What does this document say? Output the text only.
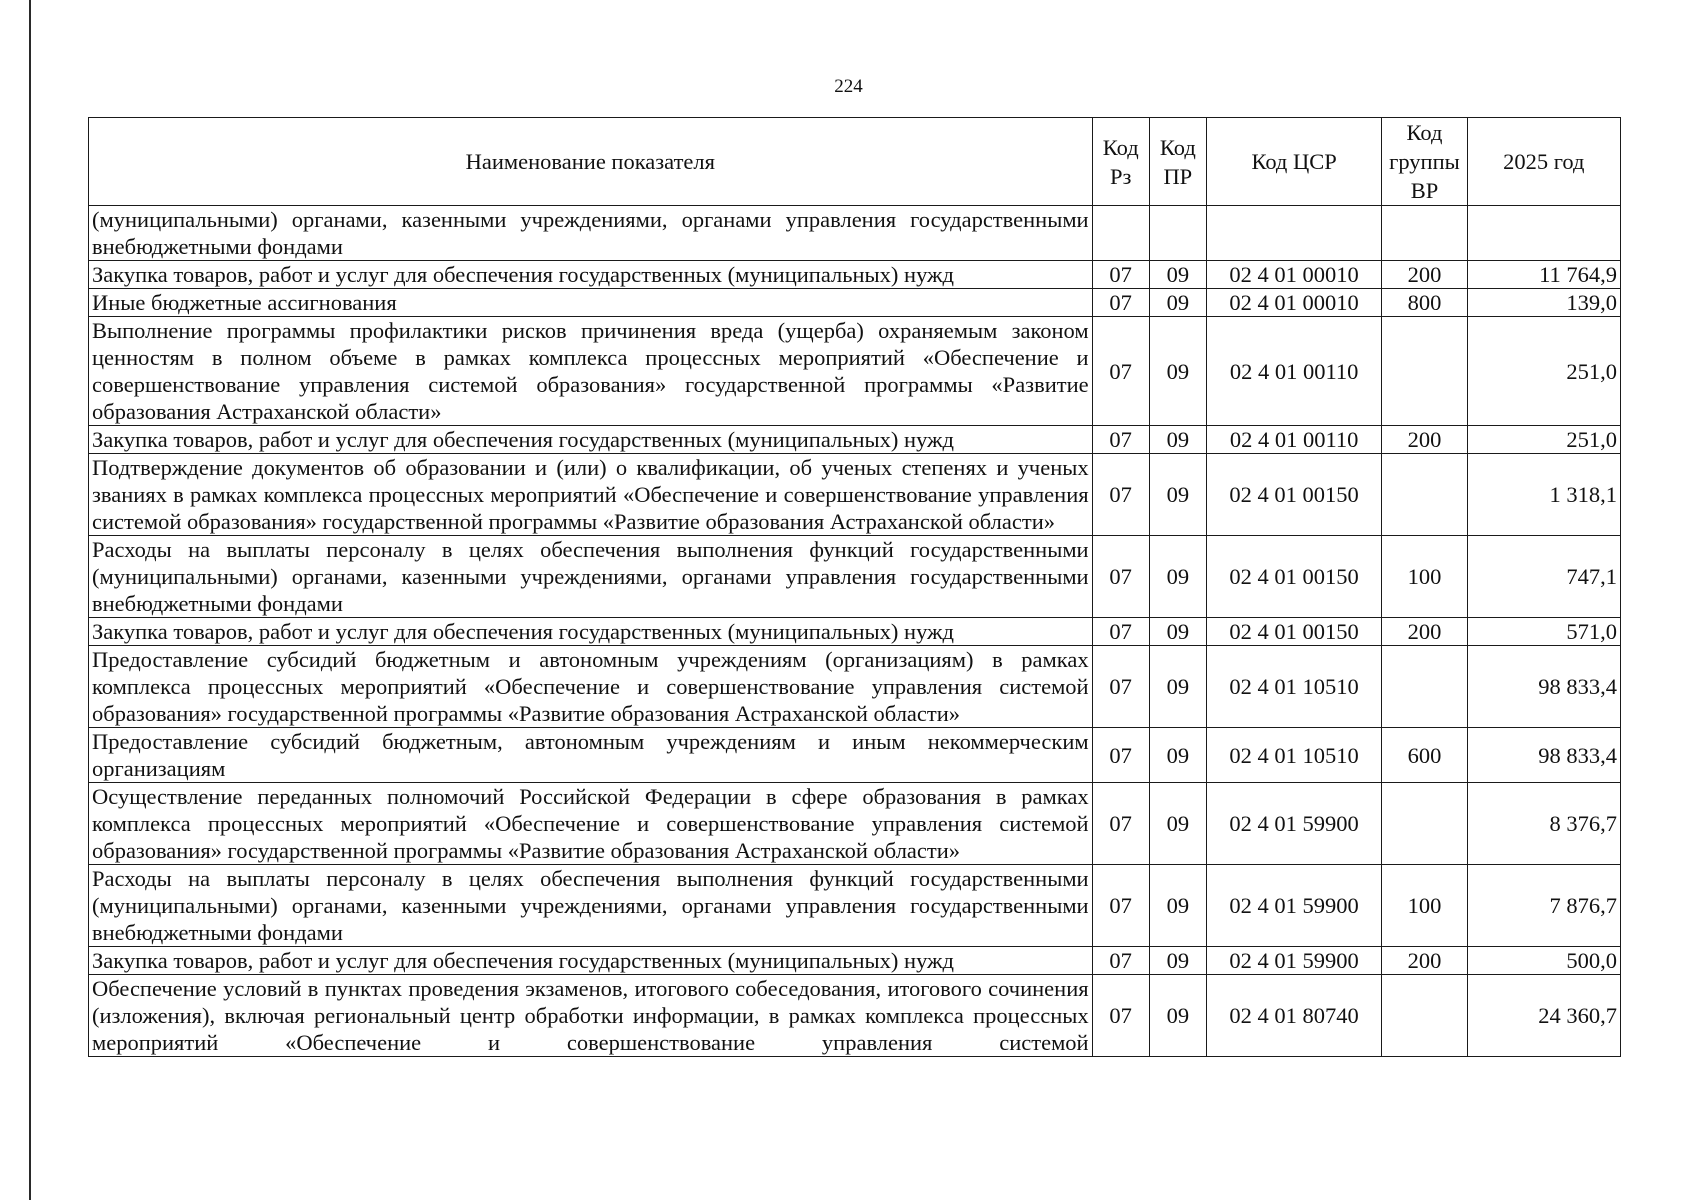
224
Наименование показателя	Код Рз	Код ПР	Код ЦСР	Код группы ВР	2025 год
(муниципальными) органами, казенными учреждениями, органами управления государственными внебюджетными фондами					
Закупка товаров, работ и услуг для обеспечения государственных (муниципальных) нужд	07	09	02 4 01 00010	200	11 764,9
Иные бюджетные ассигнования	07	09	02 4 01 00010	800	139,0
Выполнение программы профилактики рисков причинения вреда (ущерба) охраняемым законом ценностям в полном объеме в рамках комплекса процессных мероприятий «Обеспечение и совершенствование управления системой образования» государственной программы «Развитие образования Астраханской области»	07	09	02 4 01 00110		251,0
Закупка товаров, работ и услуг для обеспечения государственных (муниципальных) нужд	07	09	02 4 01 00110	200	251,0
Подтверждение документов об образовании и (или) о квалификации, об ученых степенях и ученых званиях в рамках комплекса процессных мероприятий «Обеспечение и совершенствование управления системой образования» государственной программы «Развитие образования Астраханской области»	07	09	02 4 01 00150		1 318,1
Расходы на выплаты персоналу в целях обеспечения выполнения функций государственными (муниципальными) органами, казенными учреждениями, органами управления государственными внебюджетными фондами	07	09	02 4 01 00150	100	747,1
Закупка товаров, работ и услуг для обеспечения государственных (муниципальных) нужд	07	09	02 4 01 00150	200	571,0
Предоставление субсидий бюджетным и автономным учреждениям (организациям) в рамках комплекса процессных мероприятий «Обеспечение и совершенствование управления системой образования» государственной программы «Развитие образования Астраханской области»	07	09	02 4 01 10510		98 833,4
Предоставление субсидий бюджетным, автономным учреждениям и иным некоммерческим организациям	07	09	02 4 01 10510	600	98 833,4
Осуществление переданных полномочий Российской Федерации в сфере образования в рамках комплекса процессных мероприятий «Обеспечение и совершенствование управления системой образования» государственной программы «Развитие образования Астраханской области»	07	09	02 4 01 59900		8 376,7
Расходы на выплаты персоналу в целях обеспечения выполнения функций государственными (муниципальными) органами, казенными учреждениями, органами управления государственными внебюджетными фондами	07	09	02 4 01 59900	100	7 876,7
Закупка товаров, работ и услуг для обеспечения государственных (муниципальных) нужд	07	09	02 4 01 59900	200	500,0
Обеспечение условий в пунктах проведения экзаменов, итогового собеседования, итогового сочинения (изложения), включая региональный центр обработки информации, в рамках комплекса процессных мероприятий «Обеспечение и совершенствование управления системой	07	09	02 4 01 80740		24 360,7
